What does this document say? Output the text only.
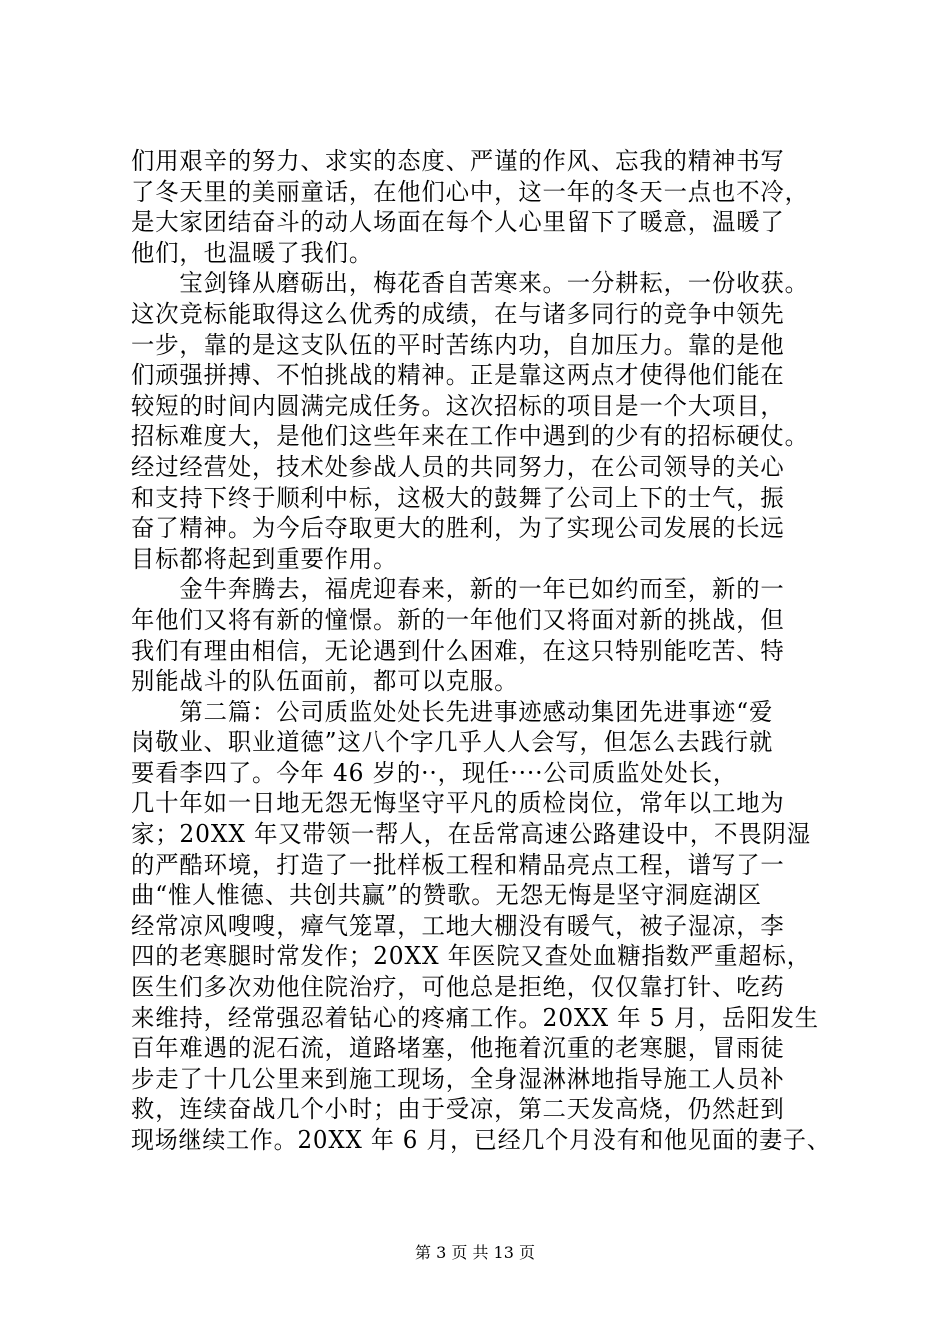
们用艰辛的努力、求实的态度、严谨的作风、忘我的精神书写
了冬天里的美丽童话，在他们心中，这一年的冬天一点也不冷，
是大家团结奋斗的动人场面在每个人心里留下了暖意，温暖了
他们，也温暖了我们。
　　宝剑锋从磨砺出，梅花香自苦寒来。一分耕耘，一份收获。
这次竞标能取得这么优秀的成绩，在与诸多同行的竞争中领先
一步，靠的是这支队伍的平时苦练内功，自加压力。靠的是他
们顽强拼搏、不怕挑战的精神。正是靠这两点才使得他们能在
较短的时间内圆满完成任务。这次招标的项目是一个大项目，
招标难度大，是他们这些年来在工作中遇到的少有的招标硬仗。
经过经营处，技术处参战人员的共同努力，在公司领导的关心
和支持下终于顺利中标，这极大的鼓舞了公司上下的士气，振
奋了精神。为今后夺取更大的胜利，为了实现公司发展的长远
目标都将起到重要作用。
　　金牛奔腾去，福虎迎春来，新的一年已如约而至，新的一
年他们又将有新的憧憬。新的一年他们又将面对新的挑战，但
我们有理由相信，无论遇到什么困难，在这只特别能吃苦、特
别能战斗的队伍面前，都可以克服。
　　第二篇：公司质监处处长先进事迹感动集团先进事迹“爱
岗敬业、职业道德”这八个字几乎人人会写，但怎么去践行就
要看李四了。今年 46 岁的··，现任····公司质监处处长，
几十年如一日地无怨无悔坚守平凡的质检岗位，常年以工地为
家；20XX 年又带领一帮人，在岳常高速公路建设中，不畏阴湿
的严酷环境，打造了一批样板工程和精品亮点工程，谱写了一
曲“惟人惟德、共创共赢”的赞歌。无怨无悔是坚守洞庭湖区
经常凉风嗖嗖，瘴气笼罩，工地大棚没有暖气，被子湿凉，李
四的老寒腿时常发作；20XX 年医院又查处血糖指数严重超标，
医生们多次劝他住院治疗，可他总是拒绝，仅仅靠打针、吃药
来维持，经常强忍着钻心的疼痛工作。20XX 年 5 月，岳阳发生
百年难遇的泥石流，道路堵塞，他拖着沉重的老寒腿，冒雨徒
步走了十几公里来到施工现场，全身湿淋淋地指导施工人员补
救，连续奋战几个小时；由于受凉，第二天发高烧，仍然赶到
现场继续工作。20XX 年 6 月，已经几个月没有和他见面的妻子、
第 3 页 共 13 页
